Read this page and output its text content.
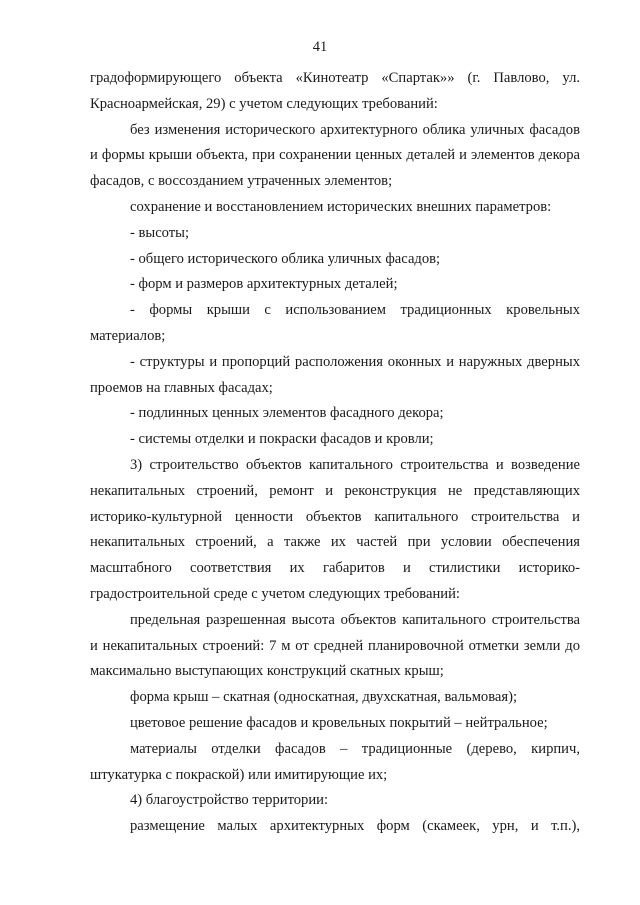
41

градоформирующего объекта «Кинотеатр «Спартак»» (г. Павлово, ул. Красноармейская, 29) с учетом следующих требований:

без изменения исторического архитектурного облика уличных фасадов и формы крыши объекта, при сохранении ценных деталей и элементов декора фасадов, с воссозданием утраченных элементов;

сохранение и восстановлением исторических внешних параметров:

- высоты;

- общего исторического облика уличных фасадов;

- форм и размеров архитектурных деталей;

- формы крыши с использованием традиционных кровельных материалов;

- структуры и пропорций расположения оконных и наружных дверных проемов на главных фасадах;

- подлинных ценных элементов фасадного декора;

- системы отделки и покраски фасадов и кровли;

3) строительство объектов капитального строительства и возведение некапитальных строений, ремонт и реконструкция не представляющих историко-культурной ценности объектов капитального строительства и некапитальных строений, а также их частей при условии обеспечения масштабного соответствия их габаритов и стилистики историко-градостроительной среде с учетом следующих требований:

предельная разрешенная высота объектов капитального строительства и некапитальных строений: 7 м от средней планировочной отметки земли до максимально выступающих конструкций скатных крыш;

форма крыш – скатная (односкатная, двухскатная, вальмовая);

цветовое решение фасадов и кровельных покрытий – нейтральное;

материалы отделки фасадов – традиционные (дерево, кирпич, штукатурка с покраской) или имитирующие их;

4) благоустройство территории:

размещение малых архитектурных форм (скамеек, урн, и т.п.),
